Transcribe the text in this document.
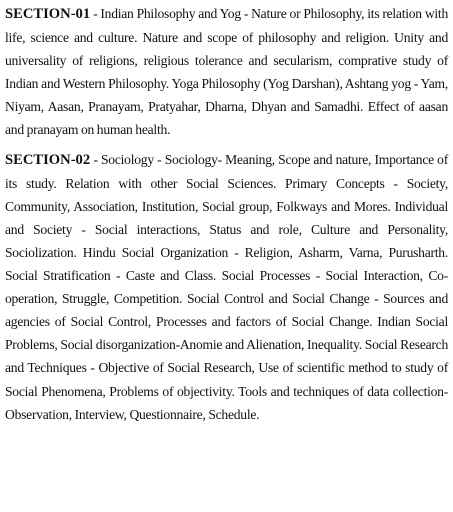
SECTION-01 - Indian Philosophy and Yog - Nature or Philosophy, its relation with life, science and culture. Nature and scope of philosophy and religion. Unity and universality of religions, religious tolerance and secularism, comprative study of Indian and Western Philosophy. Yoga Philosophy (Yog Darshan), Ashtang yog - Yam, Niyam, Aasan, Pranayam, Pratyahar, Dharna, Dhyan and Samadhi. Effect of aasan and pranayam on human health.

SECTION-02 - Sociology - Sociology- Meaning, Scope and nature, Importance of its study. Relation with other Social Sciences. Primary Concepts - Society, Community, Association, Institution, Social group, Folkways and Mores. Individual and Society - Social interactions, Status and role, Culture and Personality, Sociolization. Hindu Social Organization - Religion, Asharm, Varna, Purusharth. Social Stratification - Caste and Class. Social Processes - Social Interaction, Co-operation, Struggle, Competition. Social Control and Social Change - Sources and agencies of Social Control, Processes and factors of Social Change. Indian Social Problems, Social disorganization-Anomie and Alienation, Inequality. Social Research and Techniques - Objective of Social Research, Use of scientific method to study of Social Phenomena, Problems of objectivity. Tools and techniques of data collection-Observation, Interview, Questionnaire, Schedule.
